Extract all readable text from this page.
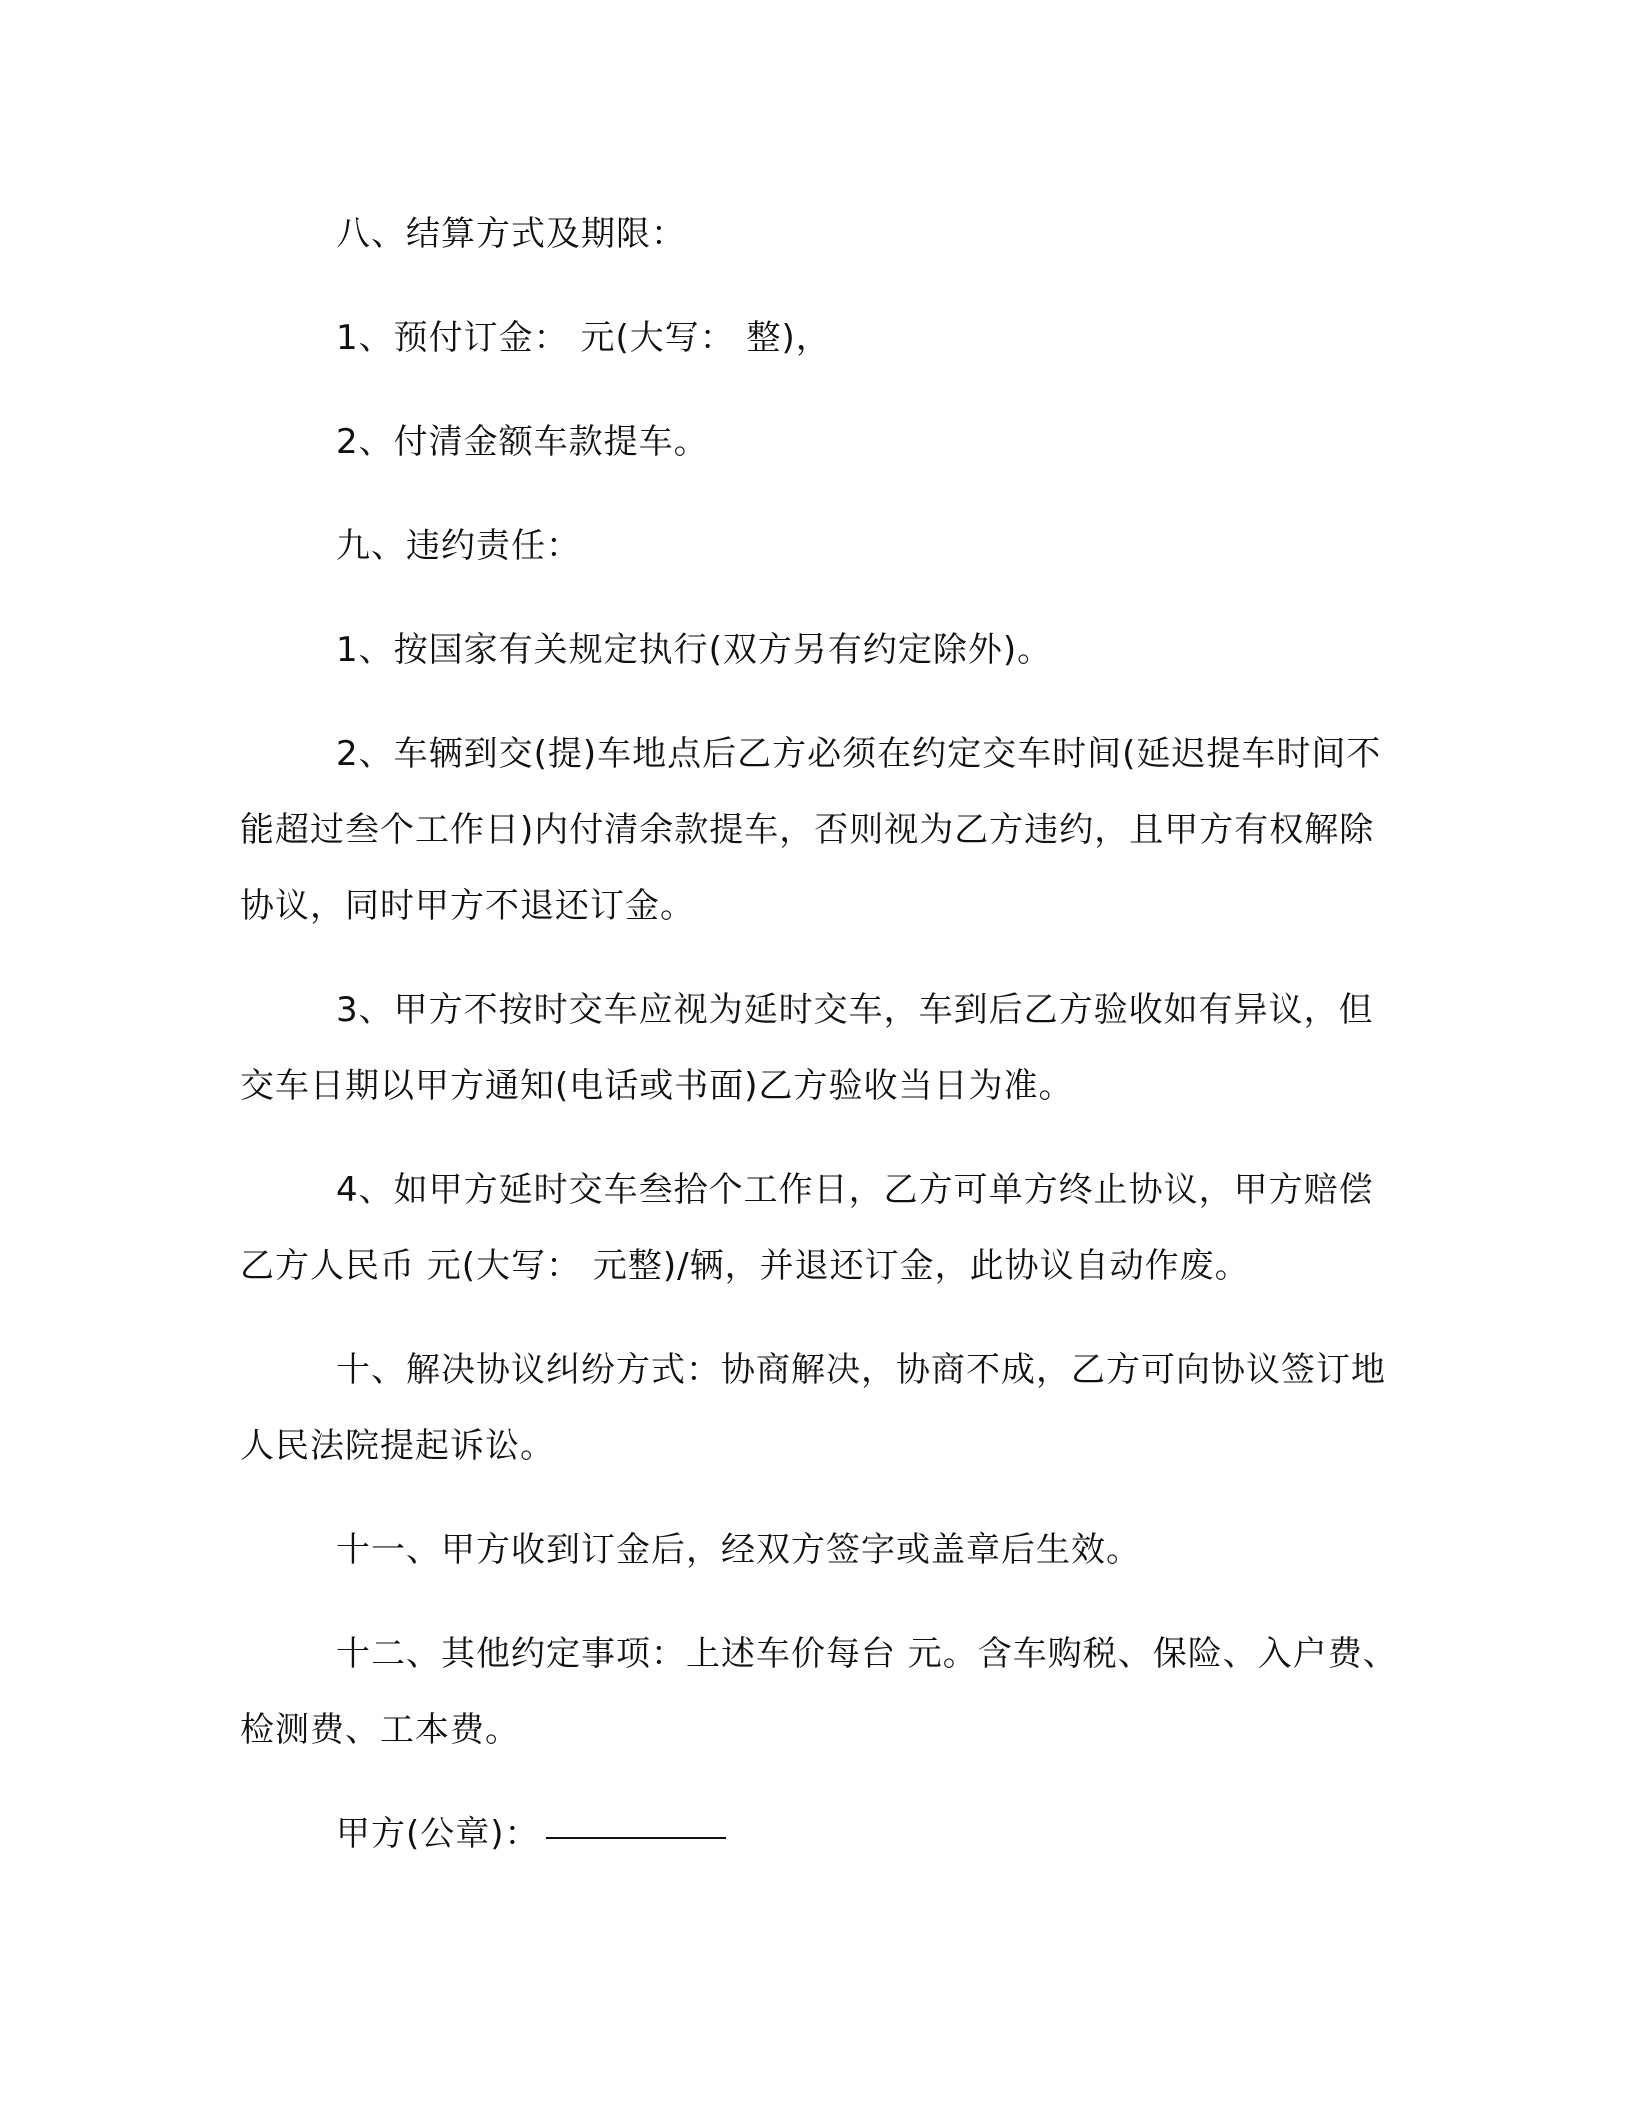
八、结算方式及期限：

1、预付订金： 元(大写： 整)，

2、付清金额车款提车。

九、违约责任：

1、按国家有关规定执行(双方另有约定除外)。

2、车辆到交(提)车地点后乙方必须在约定交车时间(延迟提车时间不能超过叁个工作日)内付清余款提车，否则视为乙方违约，且甲方有权解除协议，同时甲方不退还订金。

3、甲方不按时交车应视为延时交车，车到后乙方验收如有异议，但交车日期以甲方通知(电话或书面)乙方验收当日为准。

4、如甲方延时交车叁拾个工作日，乙方可单方终止协议，甲方赔偿乙方人民币 元(大写： 元整)/辆，并退还订金，此协议自动作废。

十、解决协议纠纷方式：协商解决，协商不成，乙方可向协议签订地人民法院提起诉讼。

十一、甲方收到订金后，经双方签字或盖章后生效。

十二、其他约定事项：上述车价每台 元。含车购税、保险、入户费、检测费、工本费。

甲方(公章)：
